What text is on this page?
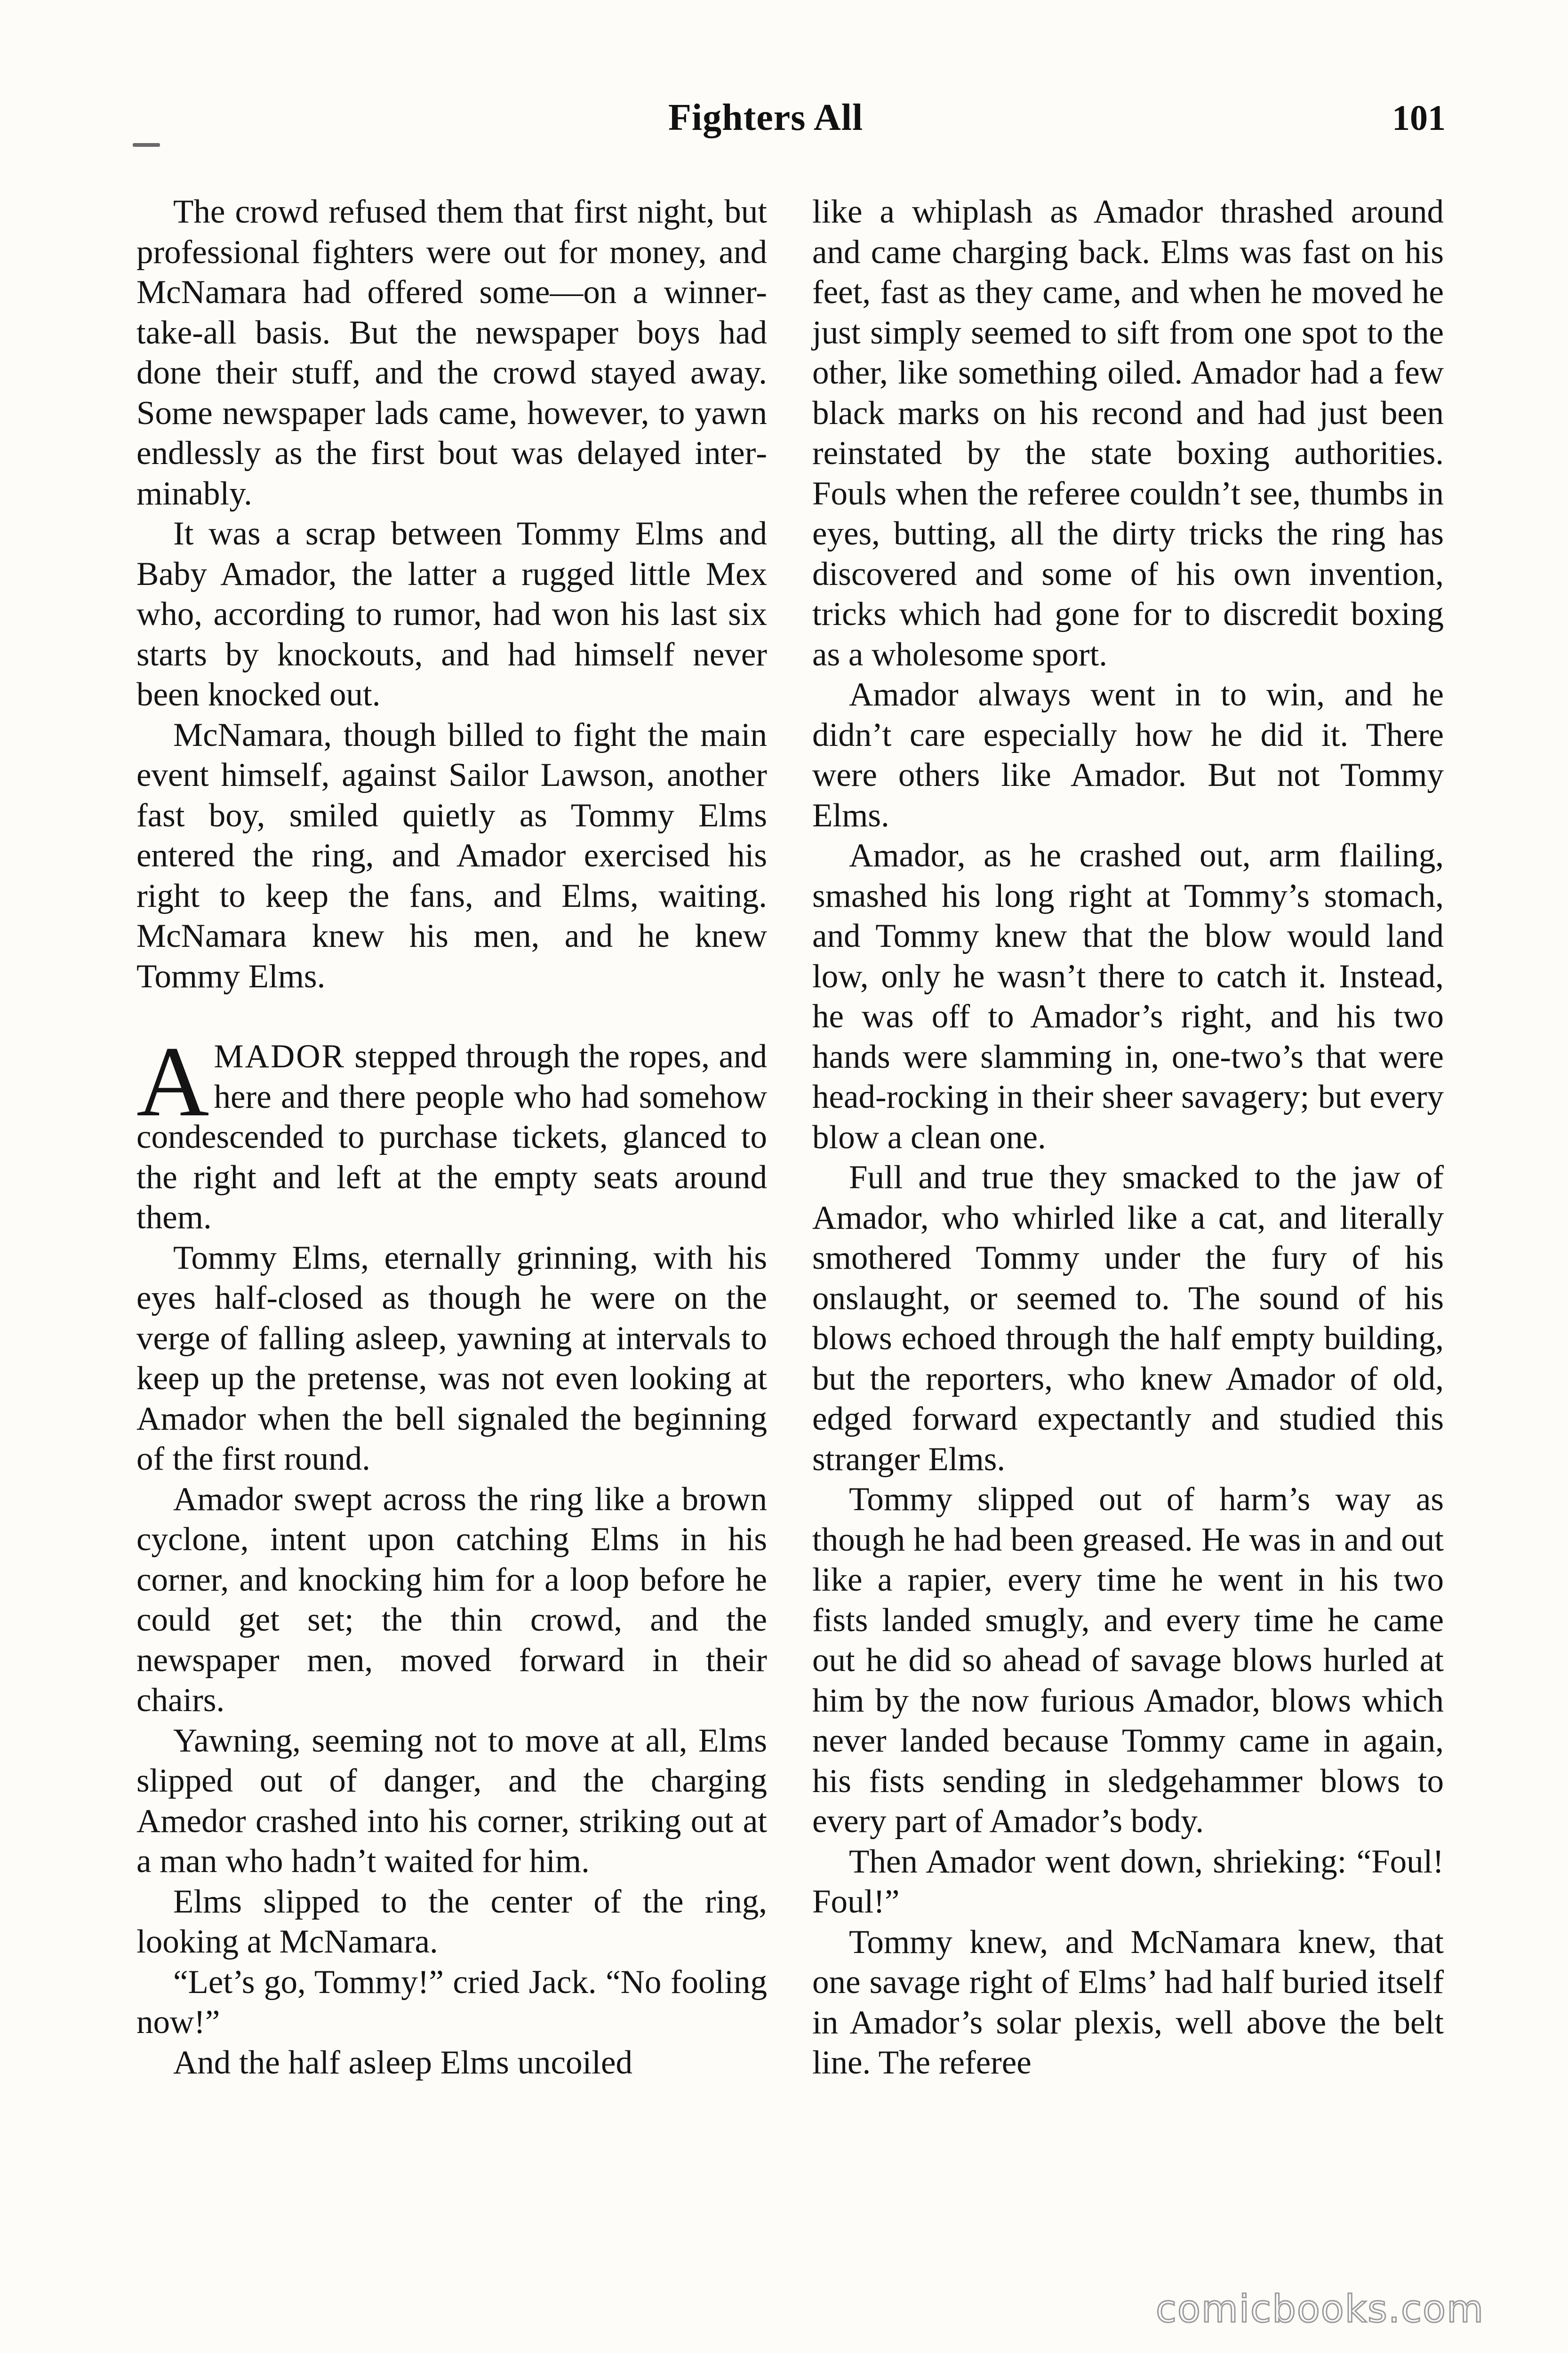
Fighters All	101

The crowd refused them that first night, but professional fighters were out for money, and McNamara had offered some—on a winner-take-all basis. But the newspaper boys had done their stuff, and the crowd stayed away. Some newspaper lads came, however, to yawn endlessly as the first bout was delayed interminably.

It was a scrap between Tommy Elms and Baby Amador, the latter a rugged little Mex who, according to rumor, had won his last six starts by knockouts, and had himself never been knocked out.

McNamara, though billed to fight the main event himself, against Sailor Lawson, another fast boy, smiled quietly as Tommy Elms entered the ring, and Amador exercised his right to keep the fans, and Elms, waiting. McNamara knew his men, and he knew Tommy Elms.

AMADOR stepped through the ropes, and here and there people who had somehow condescended to purchase tickets, glanced to the right and left at the empty seats around them.

Tommy Elms, eternally grinning, with his eyes half-closed as though he were on the verge of falling asleep, yawning at intervals to keep up the pretense, was not even looking at Amador when the bell signaled the beginning of the first round.

Amador swept across the ring like a brown cyclone, intent upon catching Elms in his corner, and knocking him for a loop before he could get set; the thin crowd, and the newspaper men, moved forward in their chairs.

Yawning, seeming not to move at all, Elms slipped out of danger, and the charging Amedor crashed into his corner, striking out at a man who hadn’t waited for him.

Elms slipped to the center of the ring, looking at McNamara.

“Let’s go, Tommy!” cried Jack. “No fooling now!”

And the half asleep Elms uncoiled

like a whiplash as Amador thrashed around and came charging back. Elms was fast on his feet, fast as they came, and when he moved he just simply seemed to sift from one spot to the other, like something oiled. Amador had a few black marks on his recond and had just been reinstated by the state boxing authorities. Fouls when the referee couldn’t see, thumbs in eyes, butting, all the dirty tricks the ring has discovered and some of his own invention, tricks which had gone for to discredit boxing as a wholesome sport.

Amador always went in to win, and he didn’t care especially how he did it. There were others like Amador. But not Tommy Elms.

Amador, as he crashed out, arm flailing, smashed his long right at Tommy’s stomach, and Tommy knew that the blow would land low, only he wasn’t there to catch it. Instead, he was off to Amador’s right, and his two hands were slamming in, one-two’s that were head-rocking in their sheer savagery; but every blow a clean one.

Full and true they smacked to the jaw of Amador, who whirled like a cat, and literally smothered Tommy under the fury of his onslaught, or seemed to. The sound of his blows echoed through the half empty building, but the reporters, who knew Amador of old, edged forward expectantly and studied this stranger Elms.

Tommy slipped out of harm’s way as though he had been greased. He was in and out like a rapier, every time he went in his two fists landed smugly, and every time he came out he did so ahead of savage blows hurled at him by the now furious Amador, blows which never landed because Tommy came in again, his fists sending in sledgehammer blows to every part of Amador’s body.

Then Amador went down, shrieking: “Foul! Foul!”

Tommy knew, and McNamara knew, that one savage right of Elms’ had half buried itself in Amador’s solar plexis, well above the belt line. The referee

comicbooks.com
